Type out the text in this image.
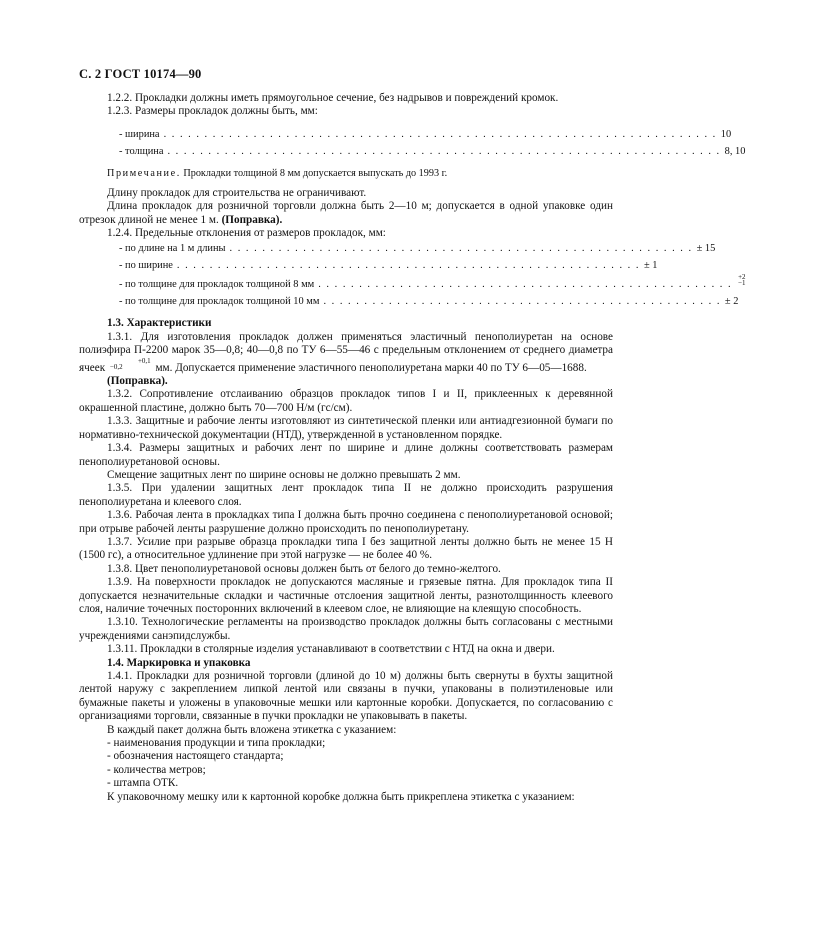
С. 2 ГОСТ 10174—90
1.2.2. Прокладки должны иметь прямоугольное сечение, без надрывов и повреждений кромок.
1.2.3. Размеры прокладок должны быть, мм:
- ширина . . . . . . . . . . . . . . . . . . . . . . . . . . . . . . . . . . . . . . . . . . . . . . . . . . . . . . . . . . . . . . . . . . . . 10
- толщина . . . . . . . . . . . . . . . . . . . . . . . . . . . . . . . . . . . . . . . . . . . . . . . . . . . . . . . . . . . . . . . . . . . . 8, 10
Примечание. Прокладки толщиной 8 мм допускается выпускать до 1993 г.
Длину прокладок для строительства не ограничивают.
Длина прокладок для розничной торговли должна быть 2—10 м; допускается в одной упаковке один отрезок длиной не менее 1 м. (Поправка).
1.2.4. Предельные отклонения от размеров прокладок, мм:
- по длине на 1 м длины . . . . . . . . . . . . . . . . . . . . . . . . . . . . . . . . . . . . . . . . . . . . . . . . . . . . . . . . . ± 15
- по ширине . . . . . . . . . . . . . . . . . . . . . . . . . . . . . . . . . . . . . . . . . . . . . . . . . . . . . . . . . ± 1
- по толщине для прокладок толщиной 8 мм . . . . . . . . . . . . . . . . . . . . . . . . . . . . . . . . . . . . . . . . . . . . . . . . . . .
+2
−1
- по толщине для прокладок толщиной 10 мм . . . . . . . . . . . . . . . . . . . . . . . . . . . . . . . . . . . . . . . . . . . . . . . . . ± 2
1.3. Характеристики
1.3.1. Для изготовления прокладок должен применяться эластичный пенополиуретан на основе полиэфира П-2200 марок 35—0,8; 40—0,8 по ТУ 6—55—46 с предельным отклонением от среднего диаметра ячеек +0,1
−0,2	мм. Допускается применение эластичного пенополиуретана марки 40 по ТУ 6—05—1688.
(Поправка).
1.3.2. Сопротивление отслаиванию образцов прокладок типов I и II, приклеенных к деревянной окрашенной пластине, должно быть 70—700 Н/м (гс/см).
1.3.3. Защитные и рабочие ленты изготовляют из синтетической пленки или антиадгезионной бумаги по нормативно-технической документации (НТД), утвержденной в установленном порядке.
1.3.4. Размеры защитных и рабочих лент по ширине и длине должны соответствовать размерам пенополиуретановой основы.
Смещение защитных лент по ширине основы не должно превышать 2 мм.
1.3.5. При удалении защитных лент прокладок типа II не должно происходить разрушения пенополиуретана и клеевого слоя.
1.3.6. Рабочая лента в прокладках типа I должна быть прочно соединена с пенополиуретановой основой; при отрыве рабочей ленты разрушение должно происходить по пенополиуретану.
1.3.7. Усилие при разрыве образца прокладки типа I без защитной ленты должно быть не менее 15 Н (1500 гс), а относительное удлинение при этой нагрузке — не более 40 %.
1.3.8. Цвет пенополиуретановой основы должен быть от белого до темно-желтого.
1.3.9. На поверхности прокладок не допускаются масляные и грязевые пятна. Для прокладок типа II допускается незначительные складки и частичные отслоения защитной ленты, разнотолщинность клеевого слоя, наличие точечных посторонних включений в клеевом слое, не влияющие на клеящую способность.
1.3.10. Технологические регламенты на производство прокладок должны быть согласованы с местными учреждениями санэпидслужбы.
1.3.11. Прокладки в столярные изделия устанавливают в соответствии с НТД на окна и двери.
1.4. Маркировка и упаковка
1.4.1. Прокладки для розничной торговли (длиной до 10 м) должны быть свернуты в бухты защитной лентой наружу с закреплением липкой лентой или связаны в пучки, упакованы в полиэтиленовые или бумажные пакеты и уложены в упаковочные мешки или картонные коробки. Допускается, по согласованию с организациями торговли, связанные в пучки прокладки не упаковывать в пакеты.
В каждый пакет должна быть вложена этикетка с указанием:
- наименования продукции и типа прокладки;
- обозначения настоящего стандарта;
- количества метров;
- штампа ОТК.
К упаковочному мешку или к картонной коробке должна быть прикреплена этикетка с указанием:
